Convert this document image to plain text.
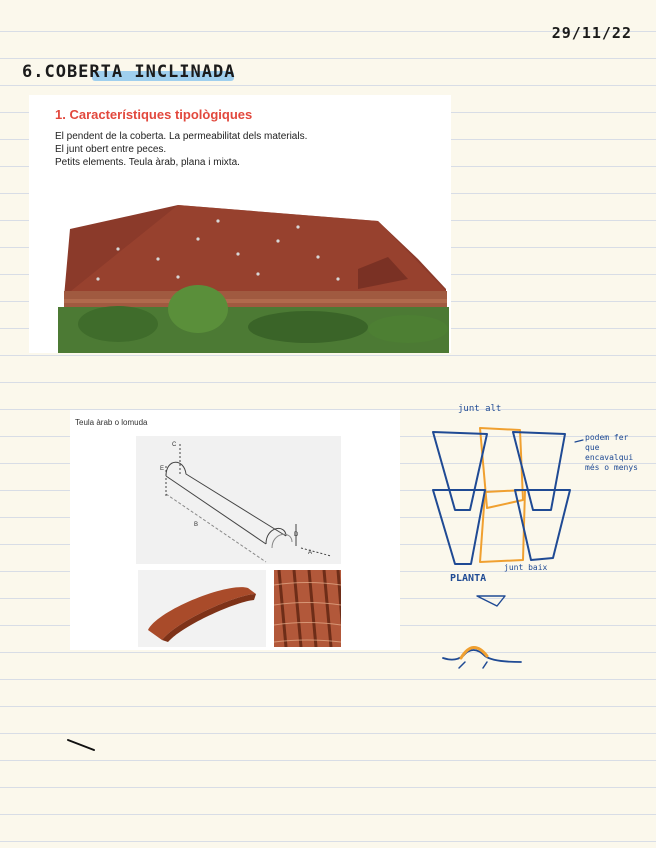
29/11/22
6.COBERTA INCLINADA
1. Característiques tipològiques
El pendent de la coberta. La permeabilitat dels materials.
El junt obert entre peces.
Petits elements. Teula àrab, plana i mixta.
Teula àrab o lomuda
C
E
B
D
A
junt alt
podem fer
que encavalqui
més o menys
PLANTA
junt baix
